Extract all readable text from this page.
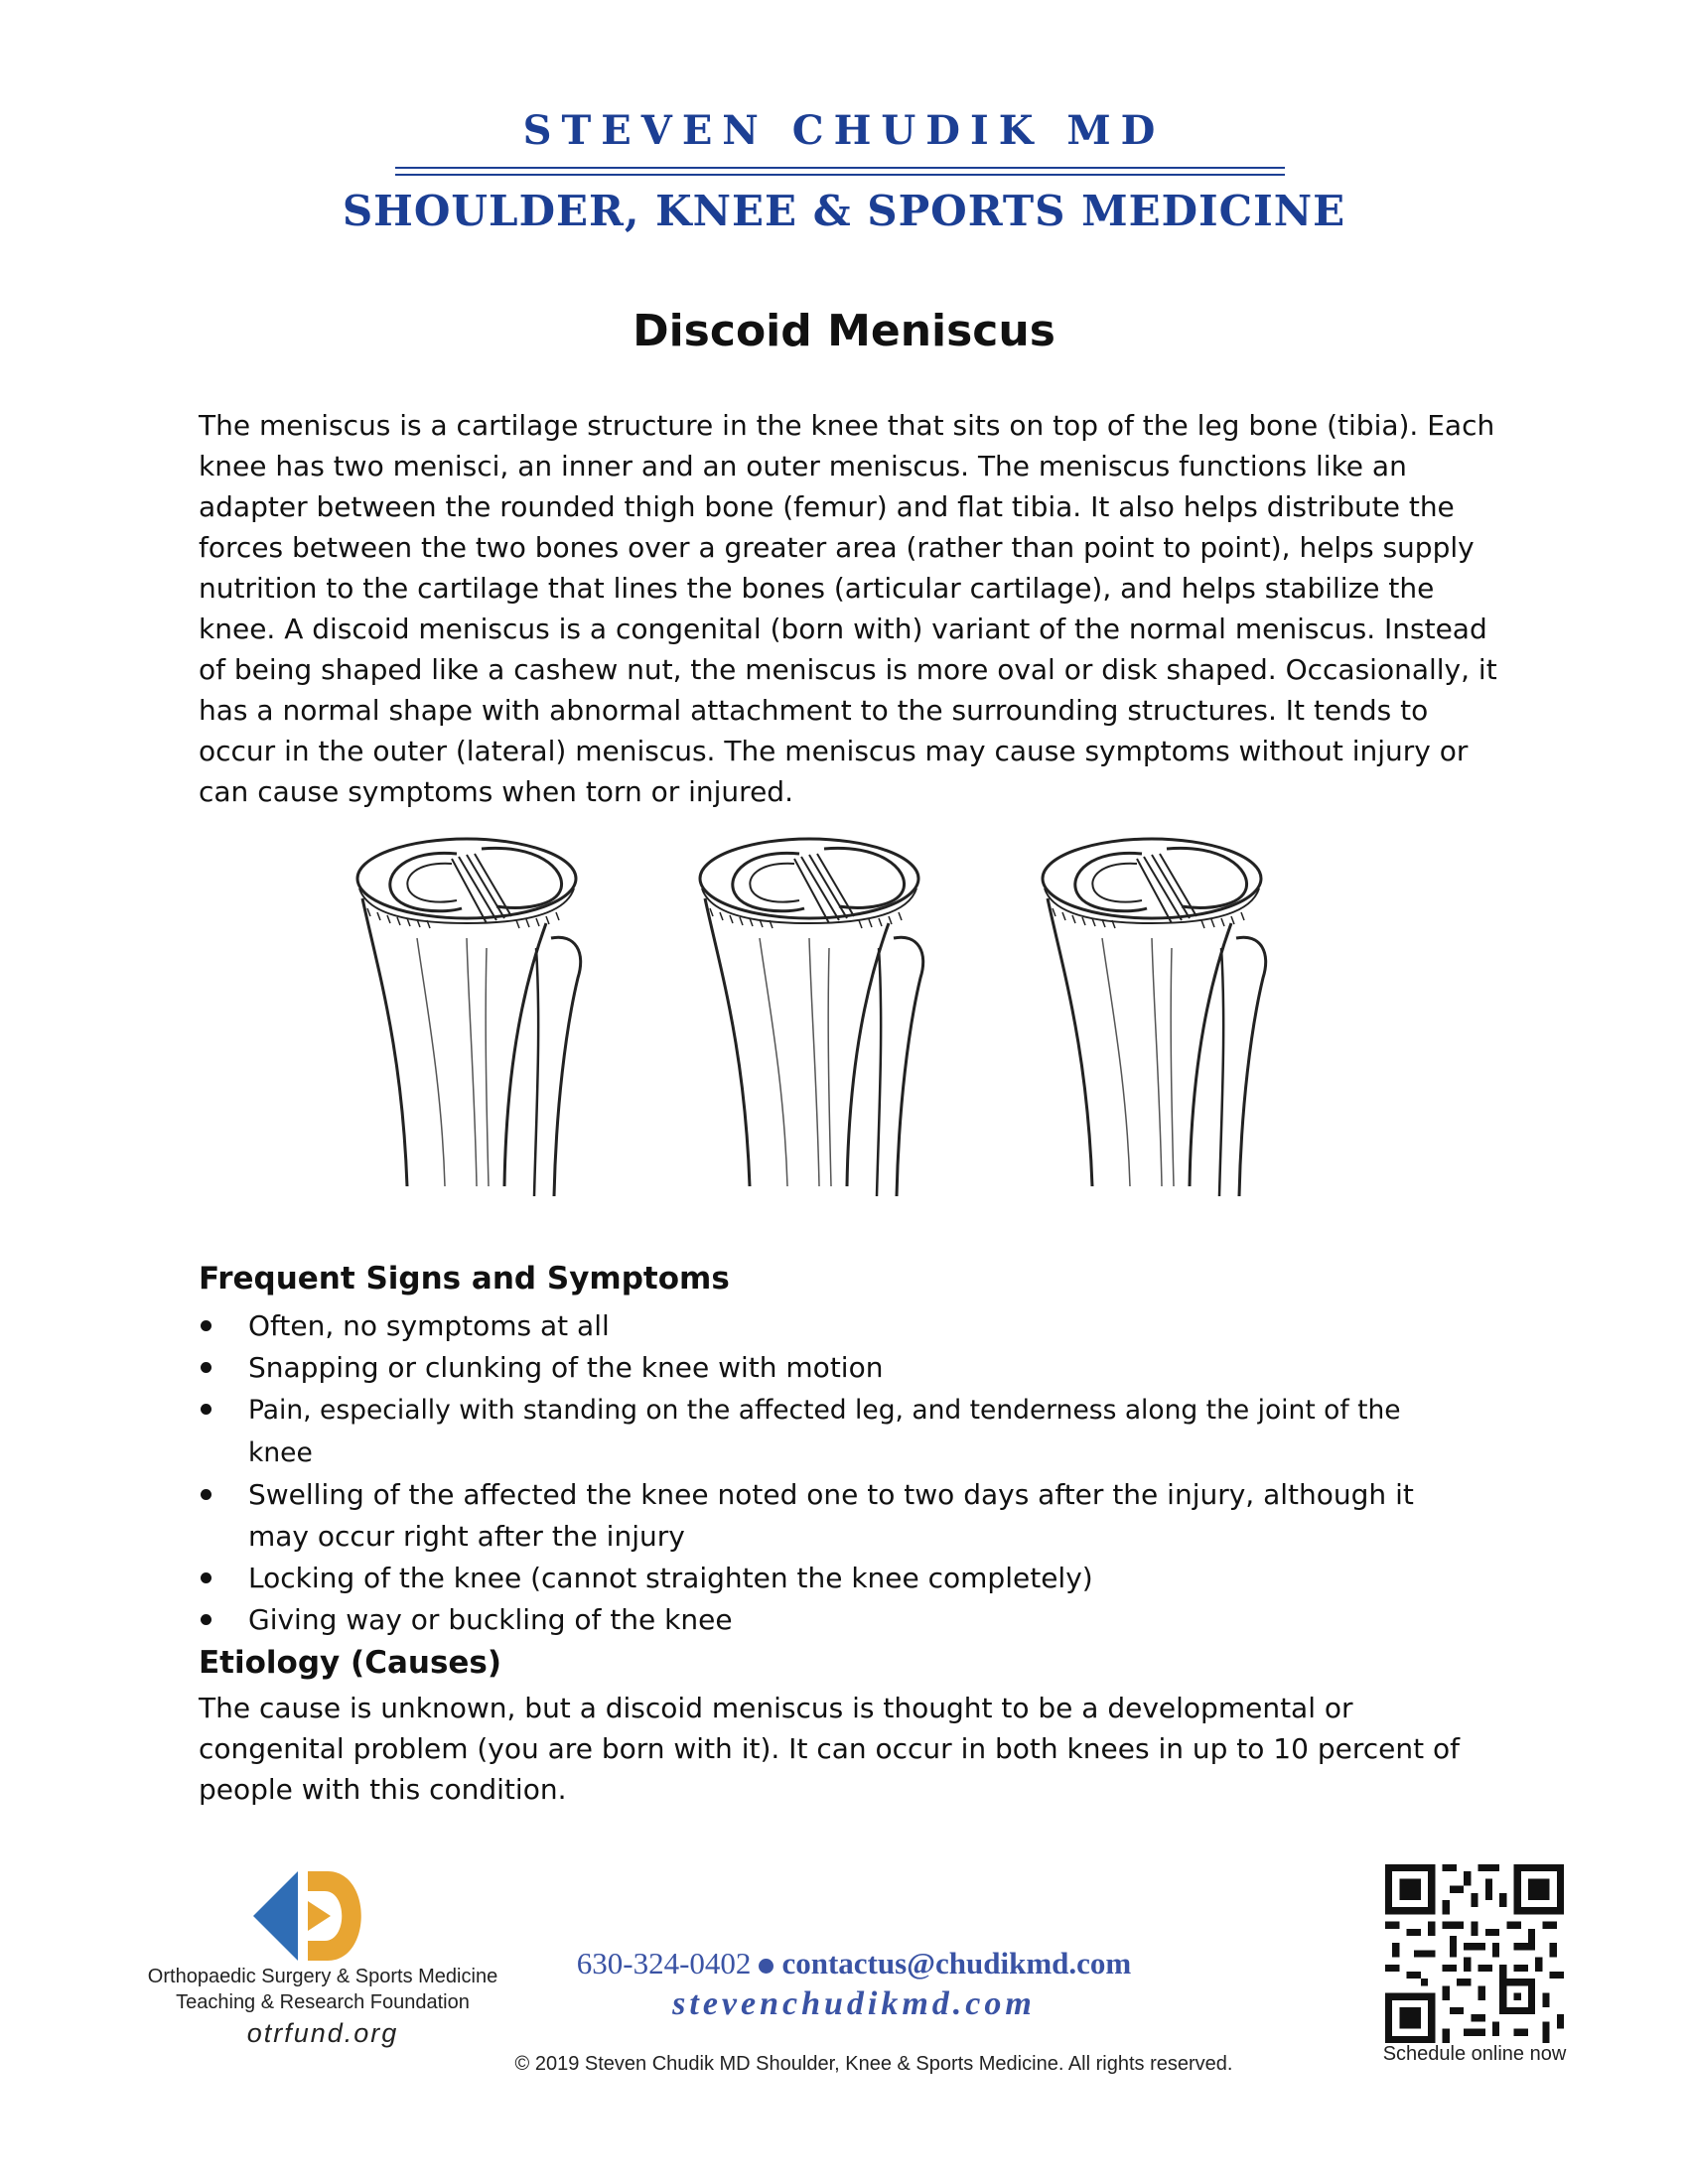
STEVEN CHUDIK MD
SHOULDER, KNEE & SPORTS MEDICINE
Discoid Meniscus
The meniscus is a cartilage structure in the knee that sits on top of the leg bone (tibia). Each knee has two menisci, an inner and an outer meniscus. The meniscus functions like an adapter between the rounded thigh bone (femur) and flat tibia. It also helps distribute the forces between the two bones over a greater area (rather than point to point), helps supply nutrition to the cartilage that lines the bones (articular cartilage), and helps stabilize the knee. A discoid meniscus is a congenital (born with) variant of the normal meniscus. Instead of being shaped like a cashew nut, the meniscus is more oval or disk shaped. Occasionally, it has a normal shape with abnormal attachment to the surrounding structures. It tends to occur in the outer (lateral) meniscus. The meniscus may cause symptoms without injury or can cause symptoms when torn or injured.
Frequent Signs and Symptoms
Often, no symptoms at all
Snapping or clunking of the knee with motion
Pain, especially with standing on the affected leg, and tenderness along the joint of the knee
Swelling of the affected the knee noted one to two days after the injury, although it may occur right after the injury
Locking of the knee (cannot straighten the knee completely)
Giving way or buckling of the knee
Etiology (Causes)
The cause is unknown, but a discoid meniscus is thought to be a developmental or congenital problem (you are born with it). It can occur in both knees in up to 10 percent of people with this condition.
Orthopaedic Surgery & Sports Medicine
Teaching & Research Foundation
otrfund.org
630-324-0402 contactus@chudikmd.com
stevenchudikmd.com
© 2019 Steven Chudik MD Shoulder, Knee & Sports Medicine. All rights reserved.	Schedule online now
